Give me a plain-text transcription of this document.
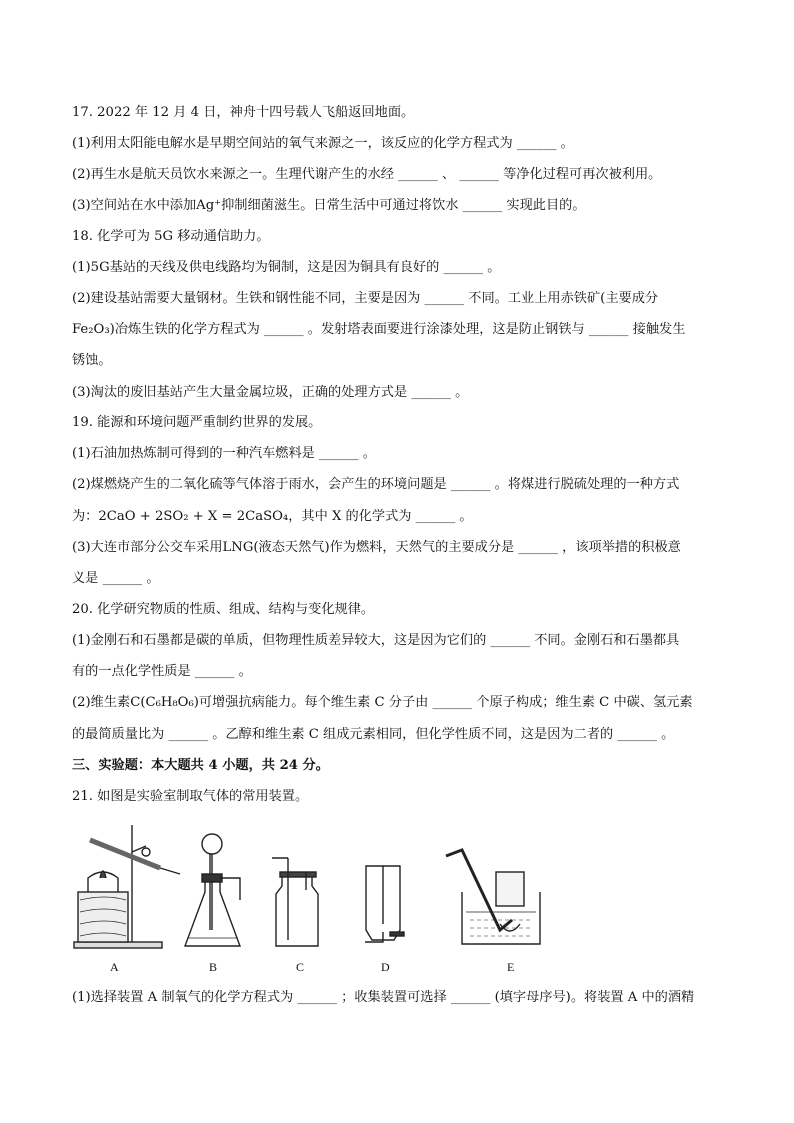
17. 2022 年 12 月 4 日，神舟十四号载人飞船返回地面。
(1)利用太阳能电解水是早期空间站的氧气来源之一，该反应的化学方程式为 ______ 。
(2)再生水是航天员饮水来源之一。生理代谢产生的水经 ______ 、 ______ 等净化过程可再次被利用。
(3)空间站在水中添加Ag⁺抑制细菌滋生。日常生活中可通过将饮水 ______ 实现此目的。
18. 化学可为 5G 移动通信助力。
(1)5G基站的天线及供电线路均为铜制，这是因为铜具有良好的 ______ 。
(2)建设基站需要大量钢材。生铁和钢性能不同，主要是因为 ______ 不同。工业上用赤铁矿(主要成分
Fe₂O₃)冶炼生铁的化学方程式为 ______ 。发射塔表面要进行涂漆处理，这是防止钢铁与 ______ 接触发生
锈蚀。
(3)淘汰的废旧基站产生大量金属垃圾，正确的处理方式是 ______ 。
19. 能源和环境问题严重制约世界的发展。
(1)石油加热炼制可得到的一种汽车燃料是 ______ 。
(2)煤燃烧产生的二氧化硫等气体溶于雨水，会产生的环境问题是 ______ 。将煤进行脱硫处理的一种方式
为：2CaO + 2SO₂ + X = 2CaSO₄，其中 X 的化学式为 ______ 。
(3)大连市部分公交车采用LNG(液态天然气)作为燃料，天然气的主要成分是 ______ ，该项举措的积极意
义是 ______ 。
20. 化学研究物质的性质、组成、结构与变化规律。
(1)金刚石和石墨都是碳的单质，但物理性质差异较大，这是因为它们的 ______ 不同。金刚石和石墨都具
有的一点化学性质是 ______ 。
(2)维生素C(C₆H₈O₆)可增强抗病能力。每个维生素 C 分子由 ______ 个原子构成；维生素 C 中碳、氢元素
的最简质量比为 ______ 。乙醇和维生素 C 组成元素相同，但化学性质不同，这是因为二者的 ______ 。
三、实验题：本大题共 4 小题，共 24 分。
21. 如图是实验室制取气体的常用装置。
A	B	C	D	E
(1)选择装置 A 制氧气的化学方程式为 ______ ；收集装置可选择 ______ (填字母序号)。将装置 A 中的酒精
